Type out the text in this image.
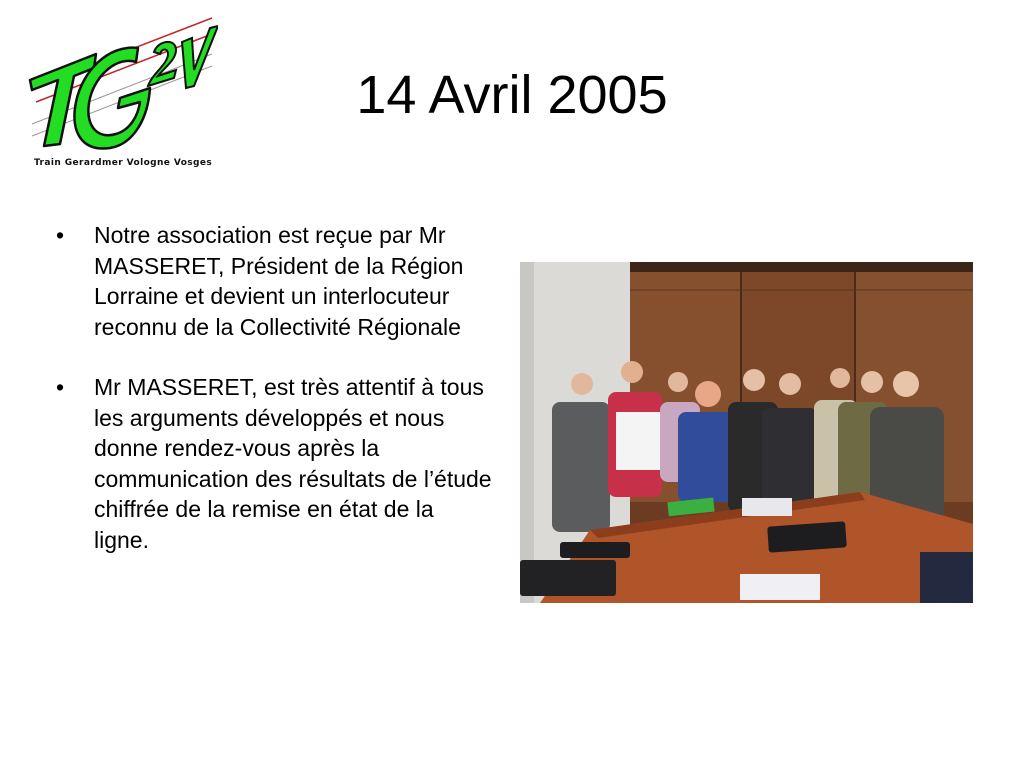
Train Gerardmer Vologne Vosges
14 Avril 2005
• Notre association est reçue par Mr MASSERET, Président de la Région Lorraine et devient un interlocuteur reconnu de la Collectivité Régionale
• Mr MASSERET, est très attentif à tous les arguments développés et nous donne rendez-vous après la communication des résultats de l’étude chiffrée de la remise en état de la ligne.
